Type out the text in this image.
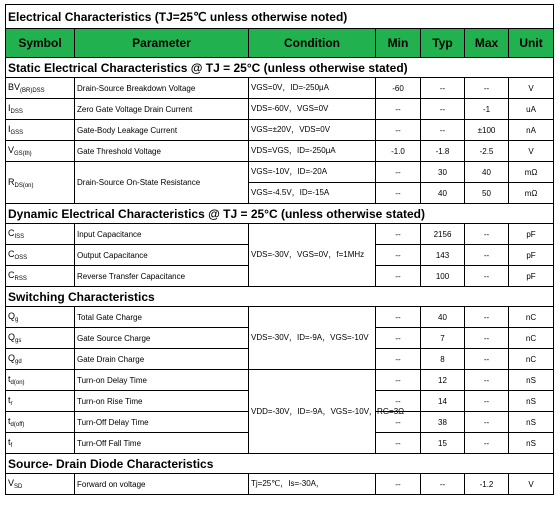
Electrical Characteristics (TJ=25℃ unless otherwise noted)						
Symbol	Parameter	Condition	Min	Typ	Max	Unit
Static Electrical Characteristics @ TJ = 25°C (unless otherwise stated)						
$BV_{(BR)DSS}$	Drain-Source Breakdown Voltage	VGS=0V，ID=-250μA	-60	--	--	V
$I_{DSS}$	Zero Gate Voltage Drain Current	VDS=-60V，VGS=0V	--	--	-1	uA
$I_{GSS}$	Gate-Body Leakage Current	VGS=±20V，VDS=0V	--	--	±100	nA
$V_{GS(th)}$	Gate Threshold Voltage	VDS=VGS，ID=-250μA	-1.0	-1.8	-2.5	V
$R_{DS(on)}$	Drain-Source On-State Resistance	VGS=-10V，ID=-20A	--	30	40	mΩ
		VGS=-4.5V，ID=-15A	--	40	50	mΩ
Dynamic Electrical Characteristics @ TJ = 25°C (unless otherwise stated)						
$C_{ISS}$	Input Capacitance	VDS=-30V，VGS=0V，f=1MHz	--	2156	--	pF
$C_{OSS}$	Output Capacitance		--	143	--	pF
$C_{RSS}$	Reverse Transfer Capacitance		--	100	--	pF
Switching Characteristics						
$Q_g$	Total Gate Charge	VDS=-30V，ID=-9A，VGS=-10V	--	40	--	nC
$Q_{gs}$	Gate Source Charge		--	7	--	nC
$Q_{gd}$	Gate Drain Charge		--	8	--	nC
$t_{d(on)}$	Turn-on Delay Time	VDD=-30V，ID=-9A，VGS=-10V，RG=3Ω	--	12	--	nS
$t_r$	Turn-on Rise Time		--	14	--	nS
$t_{d(off)}$	Turn-Off Delay Time		--	38	--	nS
$t_f$	Turn-Off Fall Time		--	15	--	nS
Source- Drain Diode Characteristics						
$V_{SD}$	Forward on voltage	Tj=25℃，Is=-30A，	--	--	-1.2	V
